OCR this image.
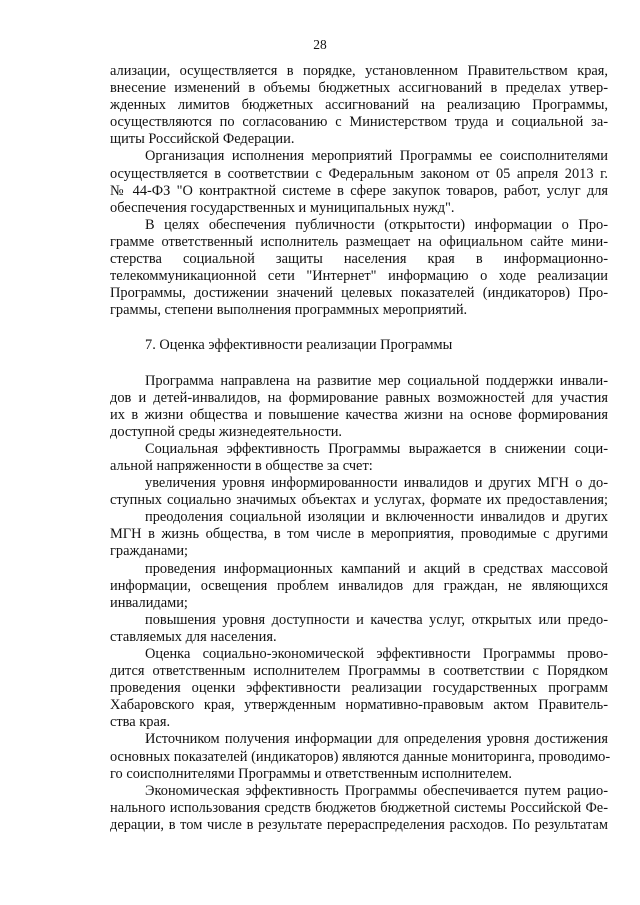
28
ализации, осуществляется в порядке, установленном Правительством края,
внесение изменений в объемы бюджетных ассигнований в пределах утвер-
жденных лимитов бюджетных ассигнований на реализацию Программы,
осуществляются по согласованию с Министерством труда и социальной за-
щиты Российской Федерации.
Организация исполнения мероприятий Программы ее соисполнителями
осуществляется в соответствии с Федеральным законом от 05 апреля 2013 г.
№ 44-ФЗ "О контрактной системе в сфере закупок товаров, работ, услуг для
обеспечения государственных и муниципальных нужд".
В целях обеспечения публичности (открытости) информации о Про-
грамме ответственный исполнитель размещает на официальном сайте мини-
стерства социальной защиты населения края в информационно-
телекоммуникационной сети "Интернет" информацию о ходе реализации
Программы, достижении значений целевых показателей (индикаторов) Про-
граммы, степени выполнения программных мероприятий.
7. Оценка эффективности реализации Программы
Программа направлена на развитие мер социальной поддержки инвали-
дов и детей-инвалидов, на формирование равных возможностей для участия
их в жизни общества и повышение качества жизни на основе формирования
доступной среды жизнедеятельности.
Социальная эффективность Программы выражается в снижении соци-
альной напряженности в обществе за счет:
увеличения уровня информированности инвалидов и других МГН о до-
ступных социально значимых объектах и услугах, формате их предоставления;
преодоления социальной изоляции и включенности инвалидов и других
МГН в жизнь общества, в том числе в мероприятия, проводимые с другими
гражданами;
проведения информационных кампаний и акций в средствах массовой
информации, освещения проблем инвалидов для граждан, не являющихся
инвалидами;
повышения уровня доступности и качества услуг, открытых или предо-
ставляемых для населения.
Оценка социально-экономической эффективности Программы прово-
дится ответственным исполнителем Программы в соответствии с Порядком
проведения оценки эффективности реализации государственных программ
Хабаровского края, утвержденным нормативно-правовым актом Правитель-
ства края.
Источником получения информации для определения уровня достижения
основных показателей (индикаторов) являются данные мониторинга, проводимо-
го соисполнителями Программы и ответственным исполнителем.
Экономическая эффективность Программы обеспечивается путем рацио-
нального использования средств бюджетов бюджетной системы Российской Фе-
дерации, в том числе в результате перераспределения расходов. По результатам
